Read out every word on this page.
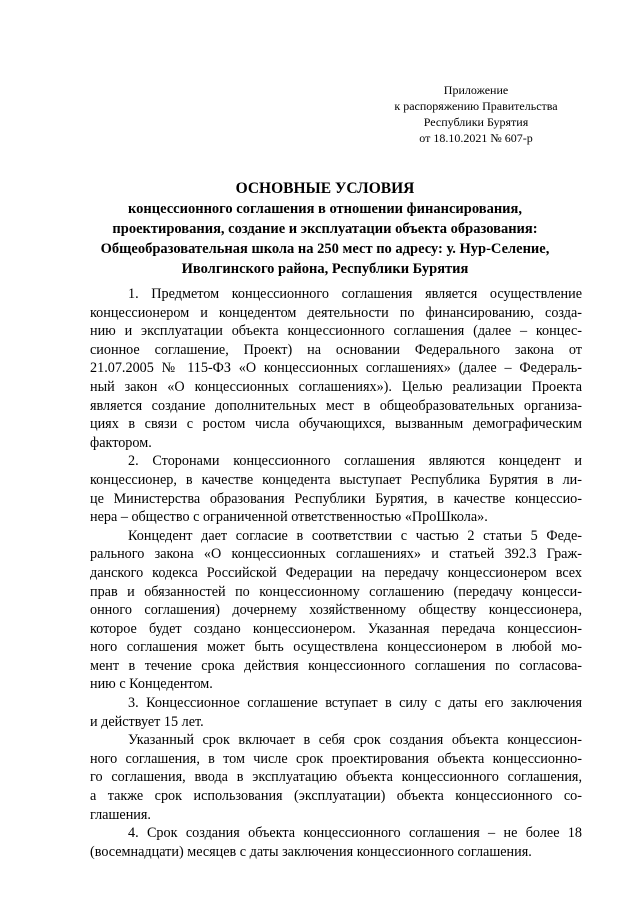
Приложение
к распоряжению Правительства
Республики Бурятия
от 18.10.2021 № 607-р
ОСНОВНЫЕ УСЛОВИЯ
концессионного соглашения в отношении финансирования,
проектирования, создание и эксплуатации объекта образования:
Общеобразовательная школа на 250 мест по адресу: у. Нур-Селение,
Иволгинского района, Республики Бурятия

1. Предметом концессионного соглашения является осуществление
концессионером и концедентом деятельности по финансированию, созда-
нию и эксплуатации объекта концессионного соглашения (далее – концес-
сионное соглашение, Проект) на основании Федерального закона от
21.07.2005 № 115-ФЗ «О концессионных соглашениях» (далее – Федераль-
ный закон «О концессионных соглашениях»). Целью реализации Проекта
является создание дополнительных мест в общеобразовательных организа-
циях в связи с ростом числа обучающихся, вызванным демографическим
фактором.

2. Сторонами концессионного соглашения являются концедент и
концессионер, в качестве концедента выступает Республика Бурятия в ли-
це Министерства образования Республики Бурятия, в качестве концессио-
нера – общество с ограниченной ответственностью «ПроШкола».

Концедент дает согласие в соответствии с частью 2 статьи 5 Феде-
рального закона «О концессионных соглашениях» и статьей 392.3 Граж-
данского кодекса Российской Федерации на передачу концессионером всех
прав и обязанностей по концессионному соглашению (передачу концесси-
онного соглашения) дочернему хозяйственному обществу концессионера,
которое будет создано концессионером. Указанная передача концессион-
ного соглашения может быть осуществлена концессионером в любой мо-
мент в течение срока действия концессионного соглашения по согласова-
нию с Концедентом.

3. Концессионное соглашение вступает в силу с даты его заключения
и действует 15 лет.

Указанный срок включает в себя срок создания объекта концессион-
ного соглашения, в том числе срок проектирования объекта концессионно-
го соглашения, ввода в эксплуатацию объекта концессионного соглашения,
а также срок использования (эксплуатации) объекта концессионного со-
глашения.

4. Срок создания объекта концессионного соглашения – не более 18
(восемнадцати) месяцев с даты заключения концессионного соглашения.
